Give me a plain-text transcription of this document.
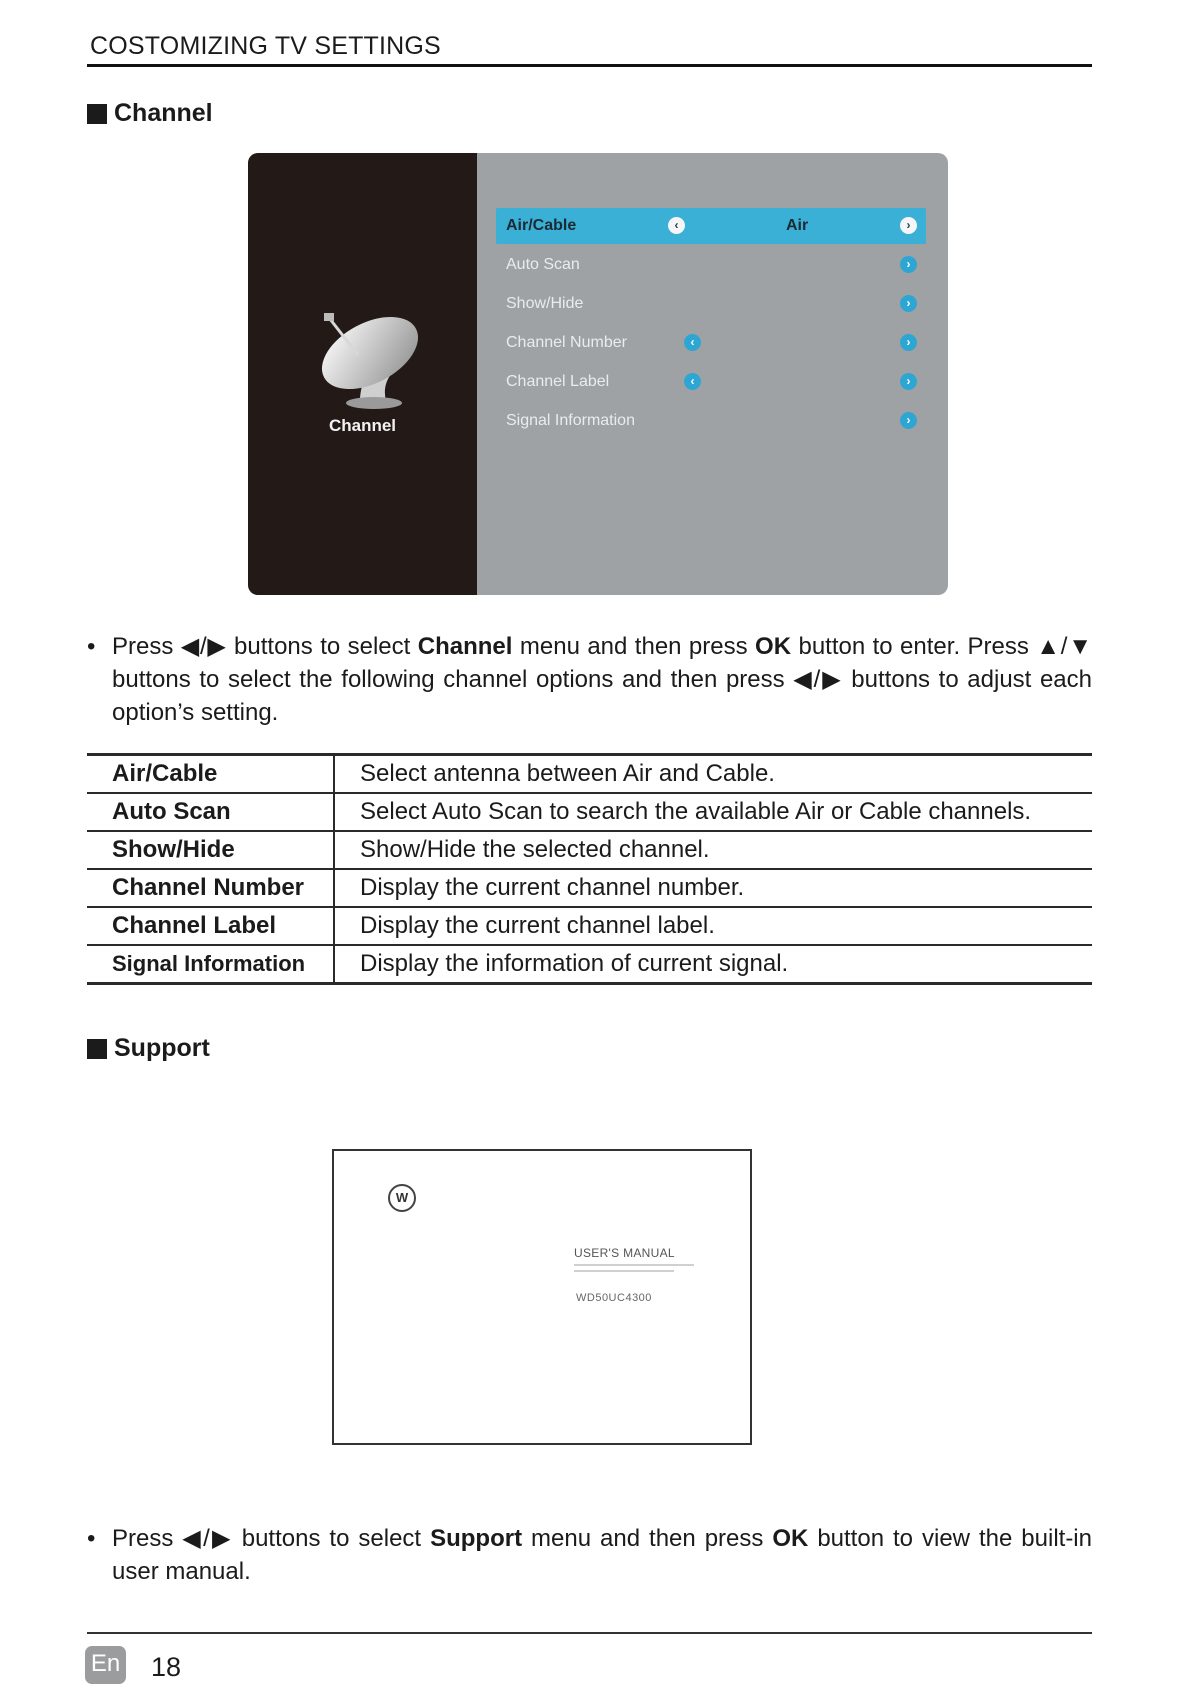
COSTOMIZING TV SETTINGS
Channel
Channel
Air/Cable	‹	Air	›
Auto Scan	›
Show/Hide	›
Channel Number	‹	›
Channel Label	‹	›
Signal Information	›
• Press ◀/▶ buttons to select Channel menu and then press OK button to enter. Press ▲/▼ buttons to select the following channel options and then press ◀/▶ buttons to adjust each option’s setting.
Air/Cable	Select antenna between Air and Cable.
Auto Scan	Select Auto Scan to search the available Air or Cable channels.
Show/Hide	Show/Hide the selected channel.
Channel Number	Display the current channel number.
Channel Label	Display the current channel label.
Signal Information	Display the information of current signal.
Support
W
USER'S MANUAL
WD50UC4300
• Press ◀/▶ buttons to select Support menu and then press OK button to view the built-in user manual.
En 18
